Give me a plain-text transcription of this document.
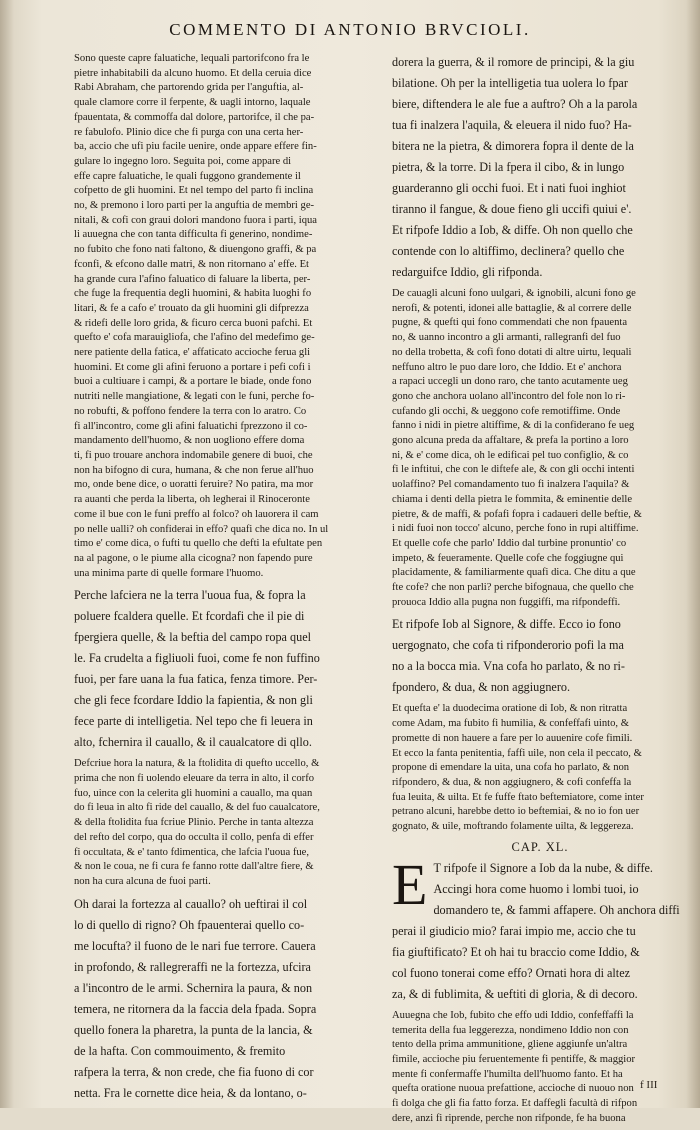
COMMENTO DI ANTONIO BRVCIOLI.
Sono queste capre faluatiche, lequali partorifcono fra le
pietre inhabitabili da alcuno huomo. Et della ceruia dice
Rabi Abraham, che partorendo grida per l'anguftia, al-
quale clamore corre il ferpente, & uagli intorno, laquale
fpauentata, & commoffa dal dolore, partorifce, il che pa-
re fabulofo. Plinio dice che fi purga con una certa her-
ba, accio che ufi piu facile uenire, onde appare effere fin-
gulare lo ingegno loro. Seguita poi, come appare di
effe capre faluatiche, le quali fuggono grandemente il
cofpetto de gli huomini. Et nel tempo del parto fi inclina
no, & premono i loro parti per la anguftia de membri ge-
nitali, & cofi con graui dolori mandono fuora i parti, iqua
li auuegna che con tanta difficulta fi generino, nondime-
no fubito che fono nati faltono, & diuengono graffi, & pa
fconfi, & efcono dalle matri, & non ritornano a' effe. Et
ha grande cura l'afino faluatico di faluare la liberta, per-
che fuge la frequentia degli huomini, & habita luoghi fo
litari, & fe a cafo e' trouato da gli huomini gli difprezza
& ridefi delle loro grida, & ficuro cerca buoni pafchi. Et
quefto e' cofa marauigliofa, che l'afino del medefimo ge-
nere patiente della fatica, e' affaticato accioche ferua gli
huomini. Et come gli afini feruono a portare i pefi cofi i
buoi a cultiuare i campi, & a portare le biade, onde fono
nutriti nelle mangiatione, & legati con le funi, perche fo-
no robufti, & poffono fendere la terra con lo aratro. Co
fi all'incontro, come gli afini faluatichi fprezzono il co-
mandamento dell'huomo, & non uogliono effere doma
ti, fi puo trouare anchora indomabile genere di buoi, che
non ha bifogno di cura, humana, & che non ferue all'huo
mo, onde bene dice, o uoratti feruire? No patira, ma mor
ra auanti che perda la liberta, oh legherai il Rinoceronte
come il bue con le funi preffo al folco? oh lauorera il cam
po nelle ualli? oh confiderai in effo? quafi che dica no. In ul
timo e' come dica, o fufti tu quello che defti la efultate pen
na al pagone, o le piume alla cicogna? non fapendo pure
una minima parte di quelle formare l'huomo.
Perche lafciera ne la terra l'uoua fua, & fopra la
poluere fcaldera quelle. Et fcordafi che il pie di
fpergiera quelle, & la beftia del campo ropa quel
le. Fa crudelta a figliuoli fuoi, come fe non fuffino
fuoi, per fare uana la fua fatica, fenza timore. Per-
che gli fece fcordare Iddio la fapientia, & non gli
fece parte di intelligetia. Nel tepo che fi leuera in
alto, fchernira il cauallo, & il caualcatore di qllo.
Defcriue hora la natura, & la ftolidita di quefto uccello, &
prima che non fi uolendo eleuare da terra in alto, il corfo
fuo, uince con la celerita gli huomini a cauallo, ma quan
do fi leua in alto fi ride del cauallo, & del fuo caualcatore,
& della ftolidita fua fcriue Plinio. Perche in tanta altezza
del refto del corpo, qua do occulta il collo, penfa di effer
fi occultata, & e' tanto fdimentica, che lafcia l'uoua fue,
& non le coua, ne fi cura fe fanno rotte dall'altre fiere, &
non ha cura alcuna de fuoi parti.
Oh darai la fortezza al cauallo? oh ueftirai il col
lo di quello di rigno? Oh fpauenterai quello co-
me locufta? il fuono de le nari fue terrore. Cauera
in profondo, & rallegreraffi ne la fortezza, ufcira
a l'incontro de le armi. Schernira la paura, & non
temera, ne ritornera da la faccia dela fpada. Sopra
quello fonera la pharetra, la punta de la lancia, &
de la hafta. Con commouimento, & fremito
rafpera la terra, & non crede, che fia fuono di cor
netta. Fra le cornette dice heia, & da lontano, o-
dorera la guerra, & il romore de principi, & la giu
bilatione. Oh per la intelligetia tua uolera lo fpar
biere, diftendera le ale fue a auftro? Oh a la parola
tua fi inalzera l'aquila, & eleuera il nido fuo? Ha-
bitera ne la pietra, & dimorera fopra il dente de la
pietra, & la torre. Di la fpera il cibo, & in lungo
guarderanno gli occhi fuoi. Et i nati fuoi inghiot
tiranno il fangue, & doue fieno gli uccifi quiui e'.
Et rifpofe Iddio a Iob, & diffe. Oh non quello che
contende con lo altiffimo, declinera? quello che
redarguifce Iddio, gli rifponda.
De cauagli alcuni fono uulgari, & ignobili, alcuni fono ge
nerofi, & potenti, idonei alle battaglie, & al correre delle
pugne, & quefti qui fono commendati che non fpauenta
no, & uanno incontro a gli armanti, rallegranfi del fuo
no della trobetta, & cofi fono dotati di altre uirtu, lequali
neffuno altro le puo dare loro, che Iddio. Et e' anchora
a rapaci uccegli un dono raro, che tanto acutamente ueg
gono che anchora uolano all'incontro del fole non lo ri-
cufando gli occhi, & ueggono cofe remotiffime. Onde
fanno i nidi in pietre altiffime, & di la confiderano fe ueg
gono alcuna preda da affaltare, & prefa la portino a loro
ni, & e' come dica, oh le edificai pel tuo configlio, & co
fi le inftitui, che con le diftefe ale, & con gli occhi intenti
uolaffino? Pel comandamento tuo fi inalzera l'aquila? &
chiama i denti della pietra le fommita, & eminentie delle
pietre, & de maffi, & pofafi fopra i cadaueri delle beftie, &
i nidi fuoi non tocco' alcuno, perche fono in rupi altiffime.
Et quelle cofe che parlo' Iddio dal turbine pronuntio' co
impeto, & feueramente. Quelle cofe che foggiugne qui
placidamente, & familiarmente quafi dica. Che ditu a que
fte cofe? che non parli? perche bifognaua, che quello che
prouoca Iddio alla pugna non fuggiffi, ma rifpondeffi.
Et rifpofe Iob al Signore, & diffe. Ecco io fono
uergognato, che cofa ti rifponderorio pofi la ma
no a la bocca mia. Vna cofa ho parlato, & no ri-
fpondero, & dua, & non aggiugnero.
Et quefta e' la duodecima oratione di Iob, & non ritratta
come Adam, ma fubito fi humilia, & confeffafi uinto, &
promette di non hauere a fare per lo auuenire cofe fimili.
Et ecco la fanta penitentia, faffi uile, non cela il peccato, &
propone di emendare la uita, una cofa ho parlato, & non
rifpondero, & dua, & non aggiugnero, & cofi confeffa la
fua leuita, & uilta. Et fe fuffe ftato beftemiatore, come inter
petrano alcuni, harebbe detto io beftemiai, & no io fon uer
gognato, & uile, moftrando folamente uilta, & leggereza.
CAP. XL.
E T rifpofe il Signore a Iob da la nube, & diffe.
Accingi hora come huomo i lombi tuoi, io
domandero te, & fammi affapere. Oh anchora diffi
perai il giudicio mio? farai impio me, accio che tu
fia giuftificato? Et oh hai tu braccio come Iddio, &
col fuono tonerai come effo? Ornati hora di altez
za, & di fublimita, & ueftiti di gloria, & di decoro.
Auuegna che Iob, fubito che effo udi Iddio, confeffaffi la
temerita della fua leggerezza, nondimeno Iddio non con
tento della prima ammunitione, gliene aggiunfe un'altra
fimile, accioche piu feruentemente fi pentiffe, & maggior
mente fi confermaffe l'humilta dell'huomo fanto. Et ha
quefta oratione nuoua prefattione, accioche di nuouo non
fi dolga che gli fia fatto forza. Et daffegli facultà di rifpon
dere, anzi fi riprende, perche non rifponde, fe ha buona
f III
